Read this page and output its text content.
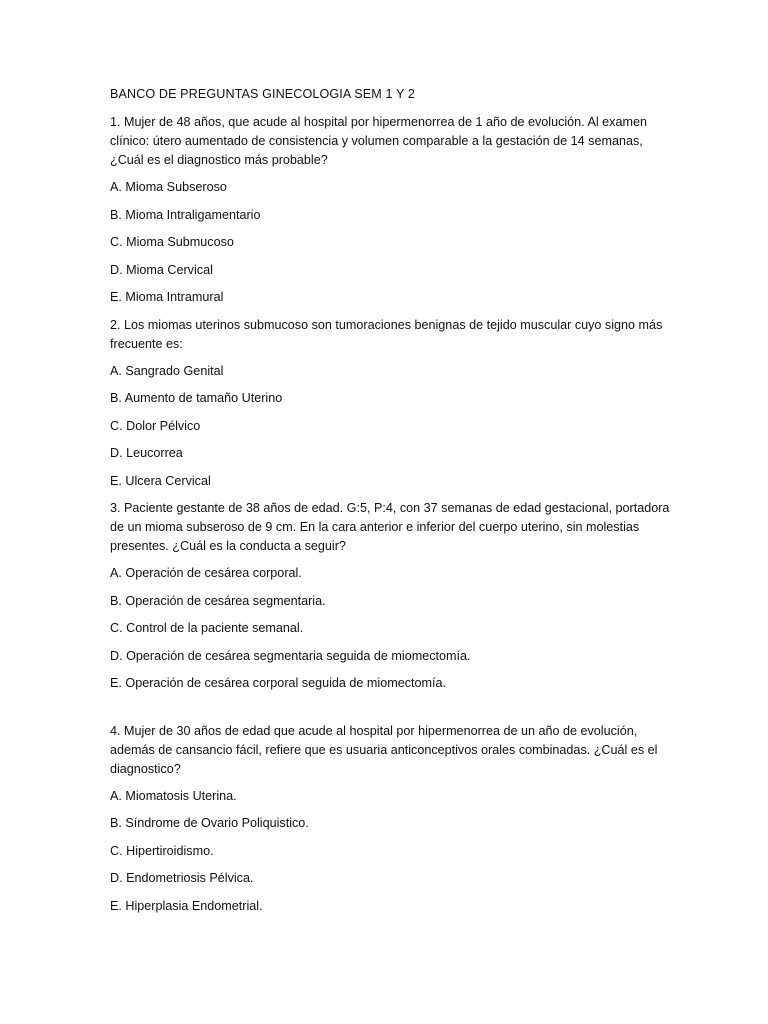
BANCO DE PREGUNTAS GINECOLOGIA SEM 1 Y 2

1. Mujer de 48 años, que acude al hospital por hipermenorrea de 1 año de evolución. Al examen clínico: útero aumentado de consistencia y volumen comparable a la gestación de 14 semanas, ¿Cuál es el diagnostico más probable?

A. Mioma Subseroso

B. Mioma Intraligamentario

C. Mioma Submucoso

D. Mioma Cervical

E. Mioma Intramural

2. Los miomas uterinos submucoso son tumoraciones benignas de tejido muscular cuyo signo más frecuente es:

A. Sangrado Genital

B. Aumento de tamaño Uterino

C. Dolor Pélvico

D. Leucorrea

E. Ulcera Cervical

3. Paciente gestante de 38 años de edad. G:5, P:4, con 37 semanas de edad gestacional, portadora de un mioma subseroso de 9 cm. En la cara anterior e inferior del cuerpo uterino, sin molestias presentes. ¿Cuál es la conducta a seguir?

A. Operación de cesárea corporal.

B. Operación de cesárea segmentaria.

C. Control de la paciente semanal.

D. Operación de cesárea segmentaria seguida de miomectomía.

E. Operación de cesárea corporal seguida de miomectomía.

4. Mujer de 30 años de edad que acude al hospital por hipermenorrea de un año de evolución, además de cansancio fácil, refiere que es usuaria anticonceptivos orales combinadas. ¿Cuál es el diagnostico?

A. Miomatosis Uterina.

B. Síndrome de Ovario Poliquistico.

C. Hipertiroidismo.

D. Endometriosis Pélvica.

E. Hiperplasia Endometrial.
